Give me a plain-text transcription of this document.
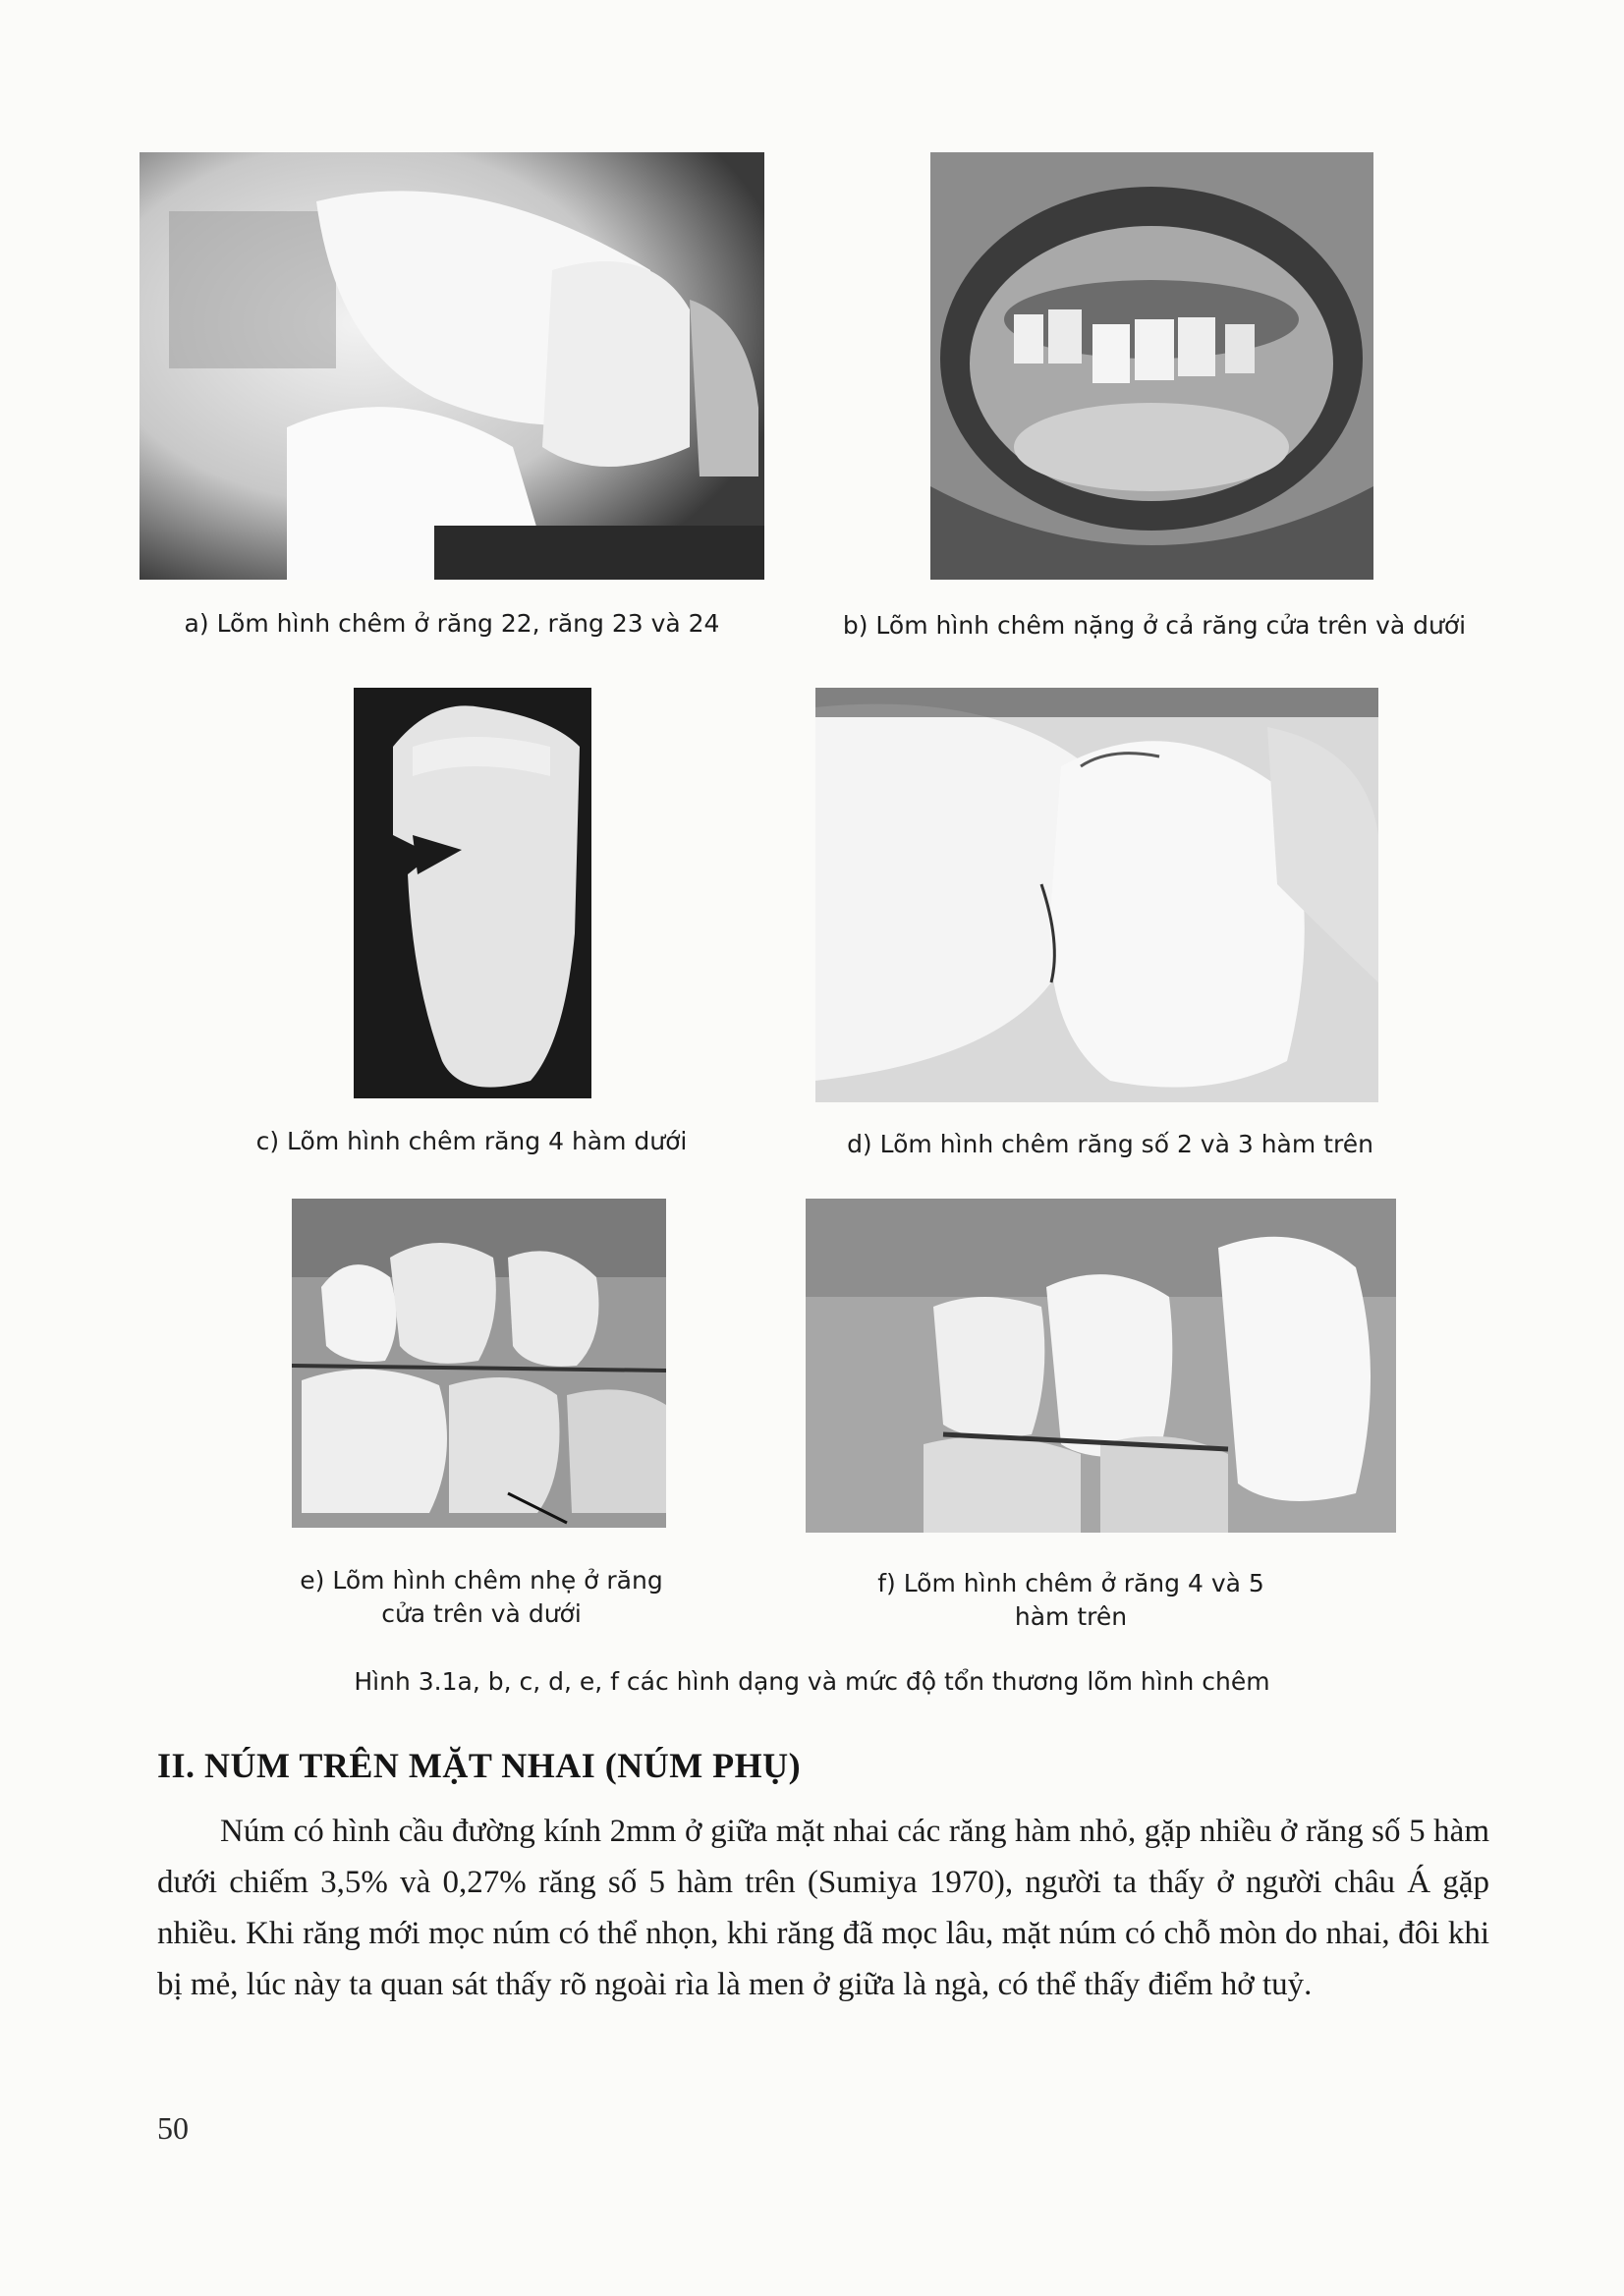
a) Lõm hình chêm ở răng 22, răng 23 và 24	b) Lõm hình chêm nặng ở cả răng cửa trên và dưới
c) Lõm hình chêm răng 4 hàm dưới	d) Lõm hình chêm răng số 2 và 3 hàm trên
e) Lõm hình chêm nhẹ ở răng
cửa trên và dưới
f) Lõm hình chêm ở răng 4 và 5
hàm trên
Hình 3.1a, b, c, d, e, f các hình dạng và mức độ tổn thương lõm hình chêm
II. NÚM TRÊN MẶT NHAI (NÚM PHỤ)
Núm có hình cầu đường kính 2mm ở giữa mặt nhai các răng hàm nhỏ, gặp nhiều ở răng số 5 hàm dưới chiếm 3,5% và 0,27% răng số 5 hàm trên (Sumiya 1970), người ta thấy ở người châu Á gặp nhiều. Khi răng mới mọc núm có thể nhọn, khi răng đã mọc lâu, mặt núm có chỗ mòn do nhai, đôi khi bị mẻ, lúc này ta quan sát thấy rõ ngoài rìa là men ở giữa là ngà, có thể thấy điểm hở tuỷ.
50
